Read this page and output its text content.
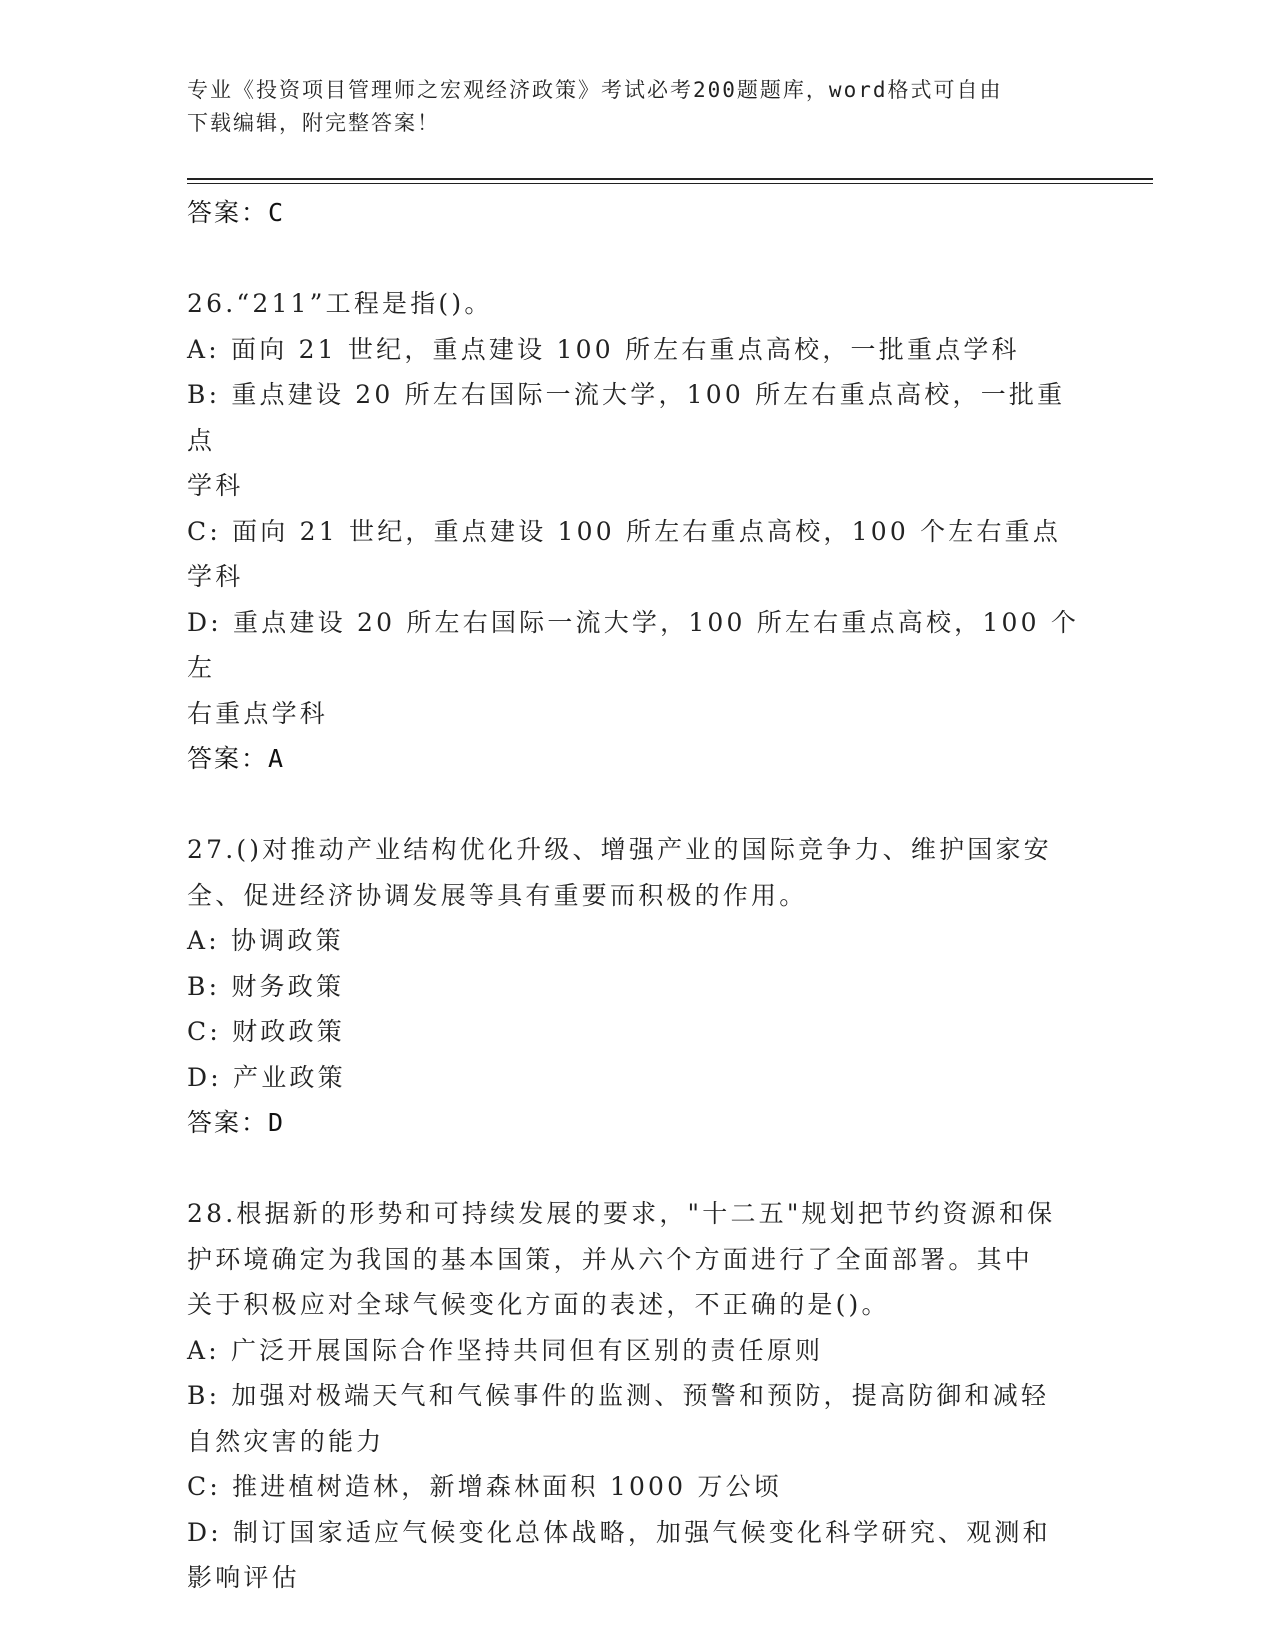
专业《投资项目管理师之宏观经济政策》考试必考200题题库，word格式可自由
下载编辑，附完整答案！
答案：C
26.“211”工程是指()。
A: 面向 21 世纪，重点建设 100 所左右重点高校，一批重点学科
B: 重点建设 20 所左右国际一流大学，100 所左右重点高校，一批重点
学科
C: 面向 21 世纪，重点建设 100 所左右重点高校，100 个左右重点学科
D: 重点建设 20 所左右国际一流大学，100 所左右重点高校，100 个左
右重点学科
答案：A
27.()对推动产业结构优化升级、增强产业的国际竞争力、维护国家安
全、促进经济协调发展等具有重要而积极的作用。
A: 协调政策
B: 财务政策
C: 财政政策
D: 产业政策
答案：D
28.根据新的形势和可持续发展的要求，"十二五"规划把节约资源和保
护环境确定为我国的基本国策，并从六个方面进行了全面部署。其中
关于积极应对全球气候变化方面的表述，不正确的是()。
A: 广泛开展国际合作坚持共同但有区别的责任原则
B: 加强对极端天气和气候事件的监测、预警和预防，提高防御和减轻
自然灾害的能力
C: 推进植树造林，新增森林面积 1000 万公顷
D: 制订国家适应气候变化总体战略，加强气候变化科学研究、观测和
影响评估
